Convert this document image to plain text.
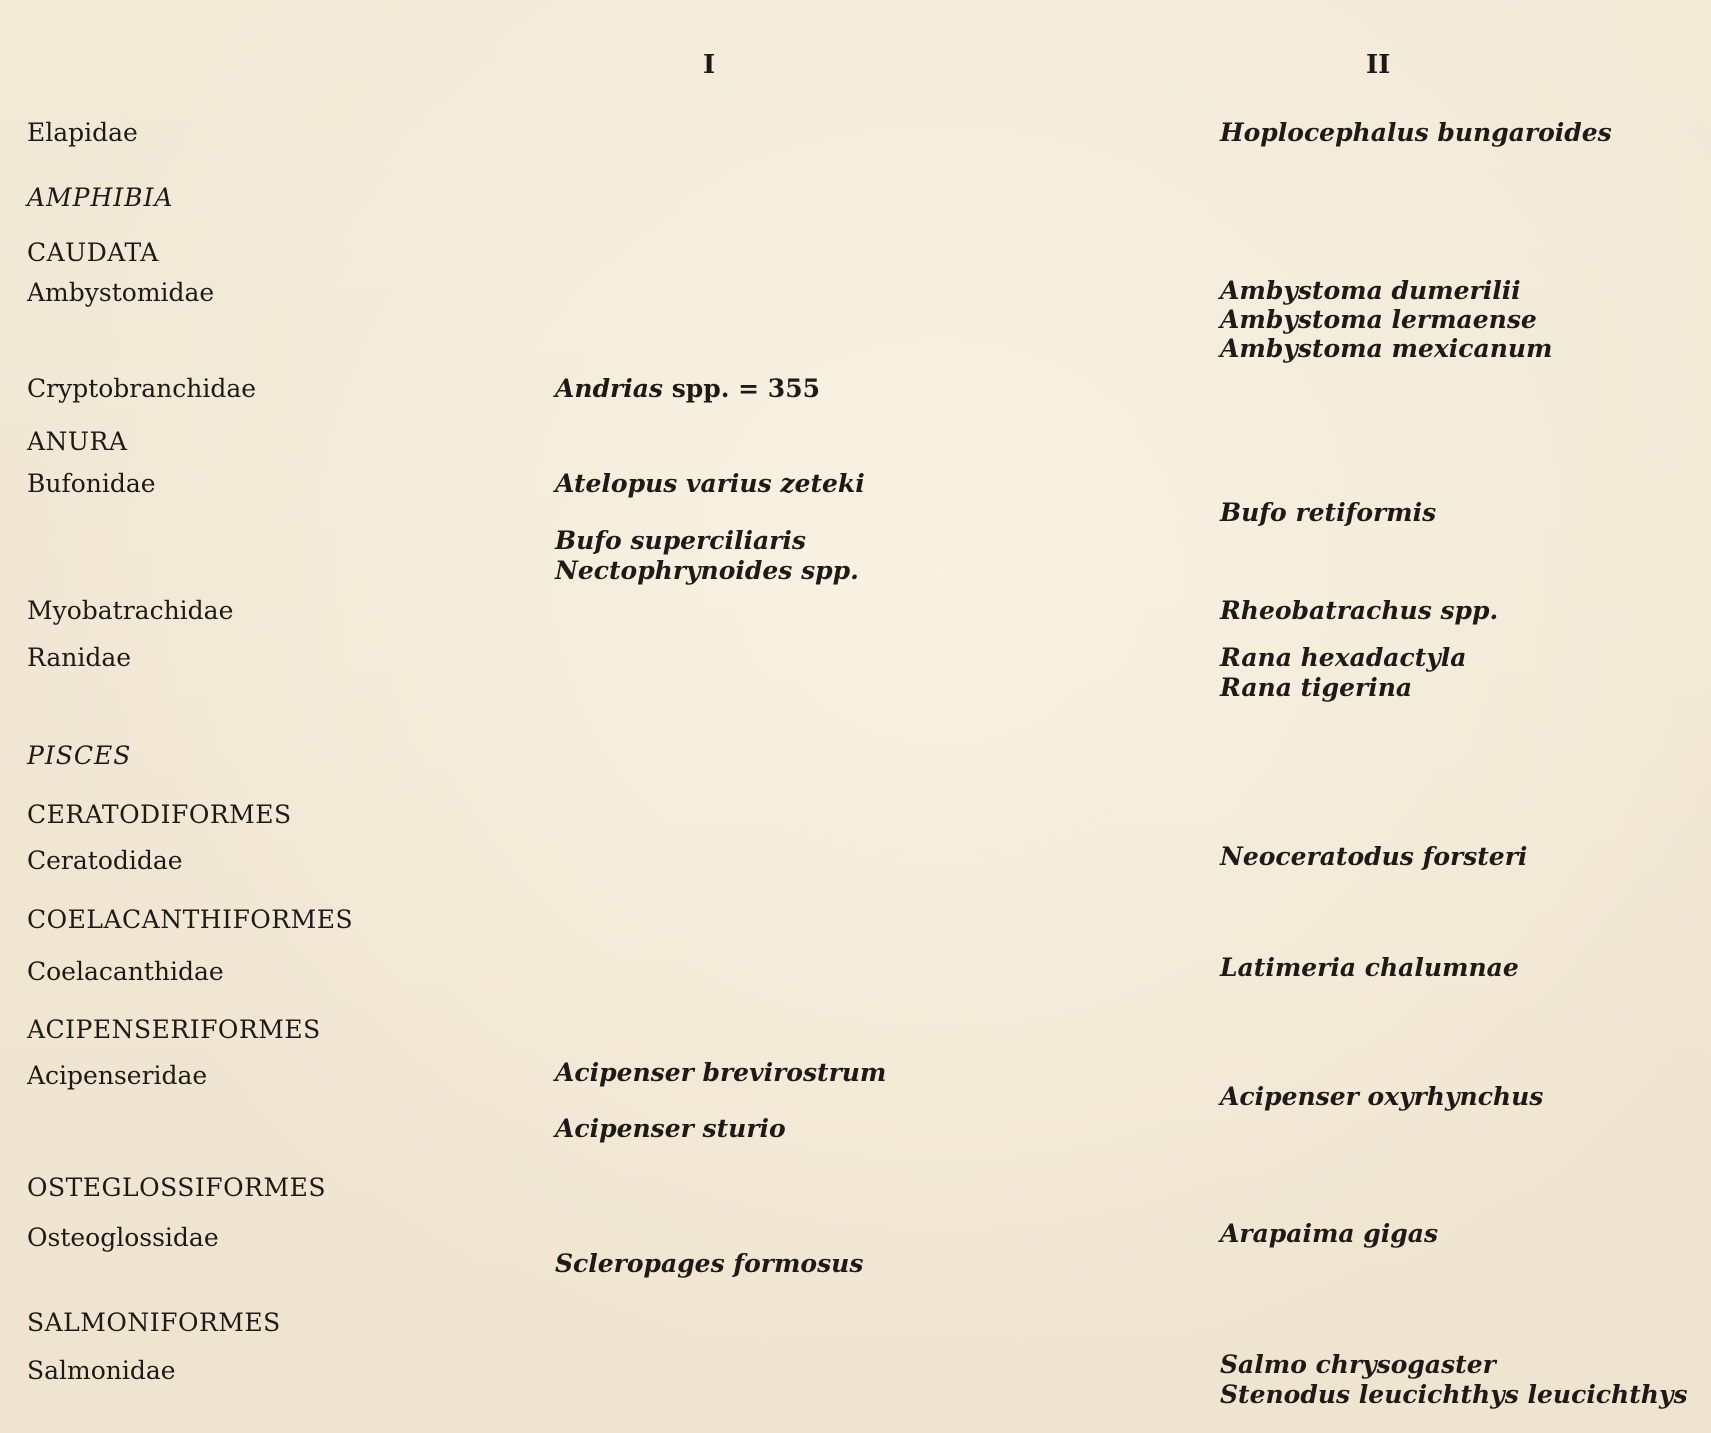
I	II
Elapidae
AMPHIBIA
CAUDATA
Ambystomidae
Cryptobranchidae
ANURA
Bufonidae
Myobatrachidae
Ranidae
PISCES
CERATODIFORMES
Ceratodidae
COELACANTHIFORMES
Coelacanthidae
ACIPENSERIFORMES
Acipenseridae
OSTEGLOSSIFORMES
Osteoglossidae
SALMONIFORMES
Salmonidae
Andrias spp. = 355
Atelopus varius zeteki
Bufo superciliaris
Nectophrynoides spp.
Acipenser brevirostrum
Acipenser sturio
Scleropages formosus
Hoplocephalus bungaroides
Ambystoma dumerilii
Ambystoma lermaense
Ambystoma mexicanum
Bufo retiformis
Rheobatrachus spp.
Rana hexadactyla
Rana tigerina
Neoceratodus forsteri
Latimeria chalumnae
Acipenser oxyrhynchus
Arapaima gigas
Salmo chrysogaster
Stenodus leucichthys leucichthys
